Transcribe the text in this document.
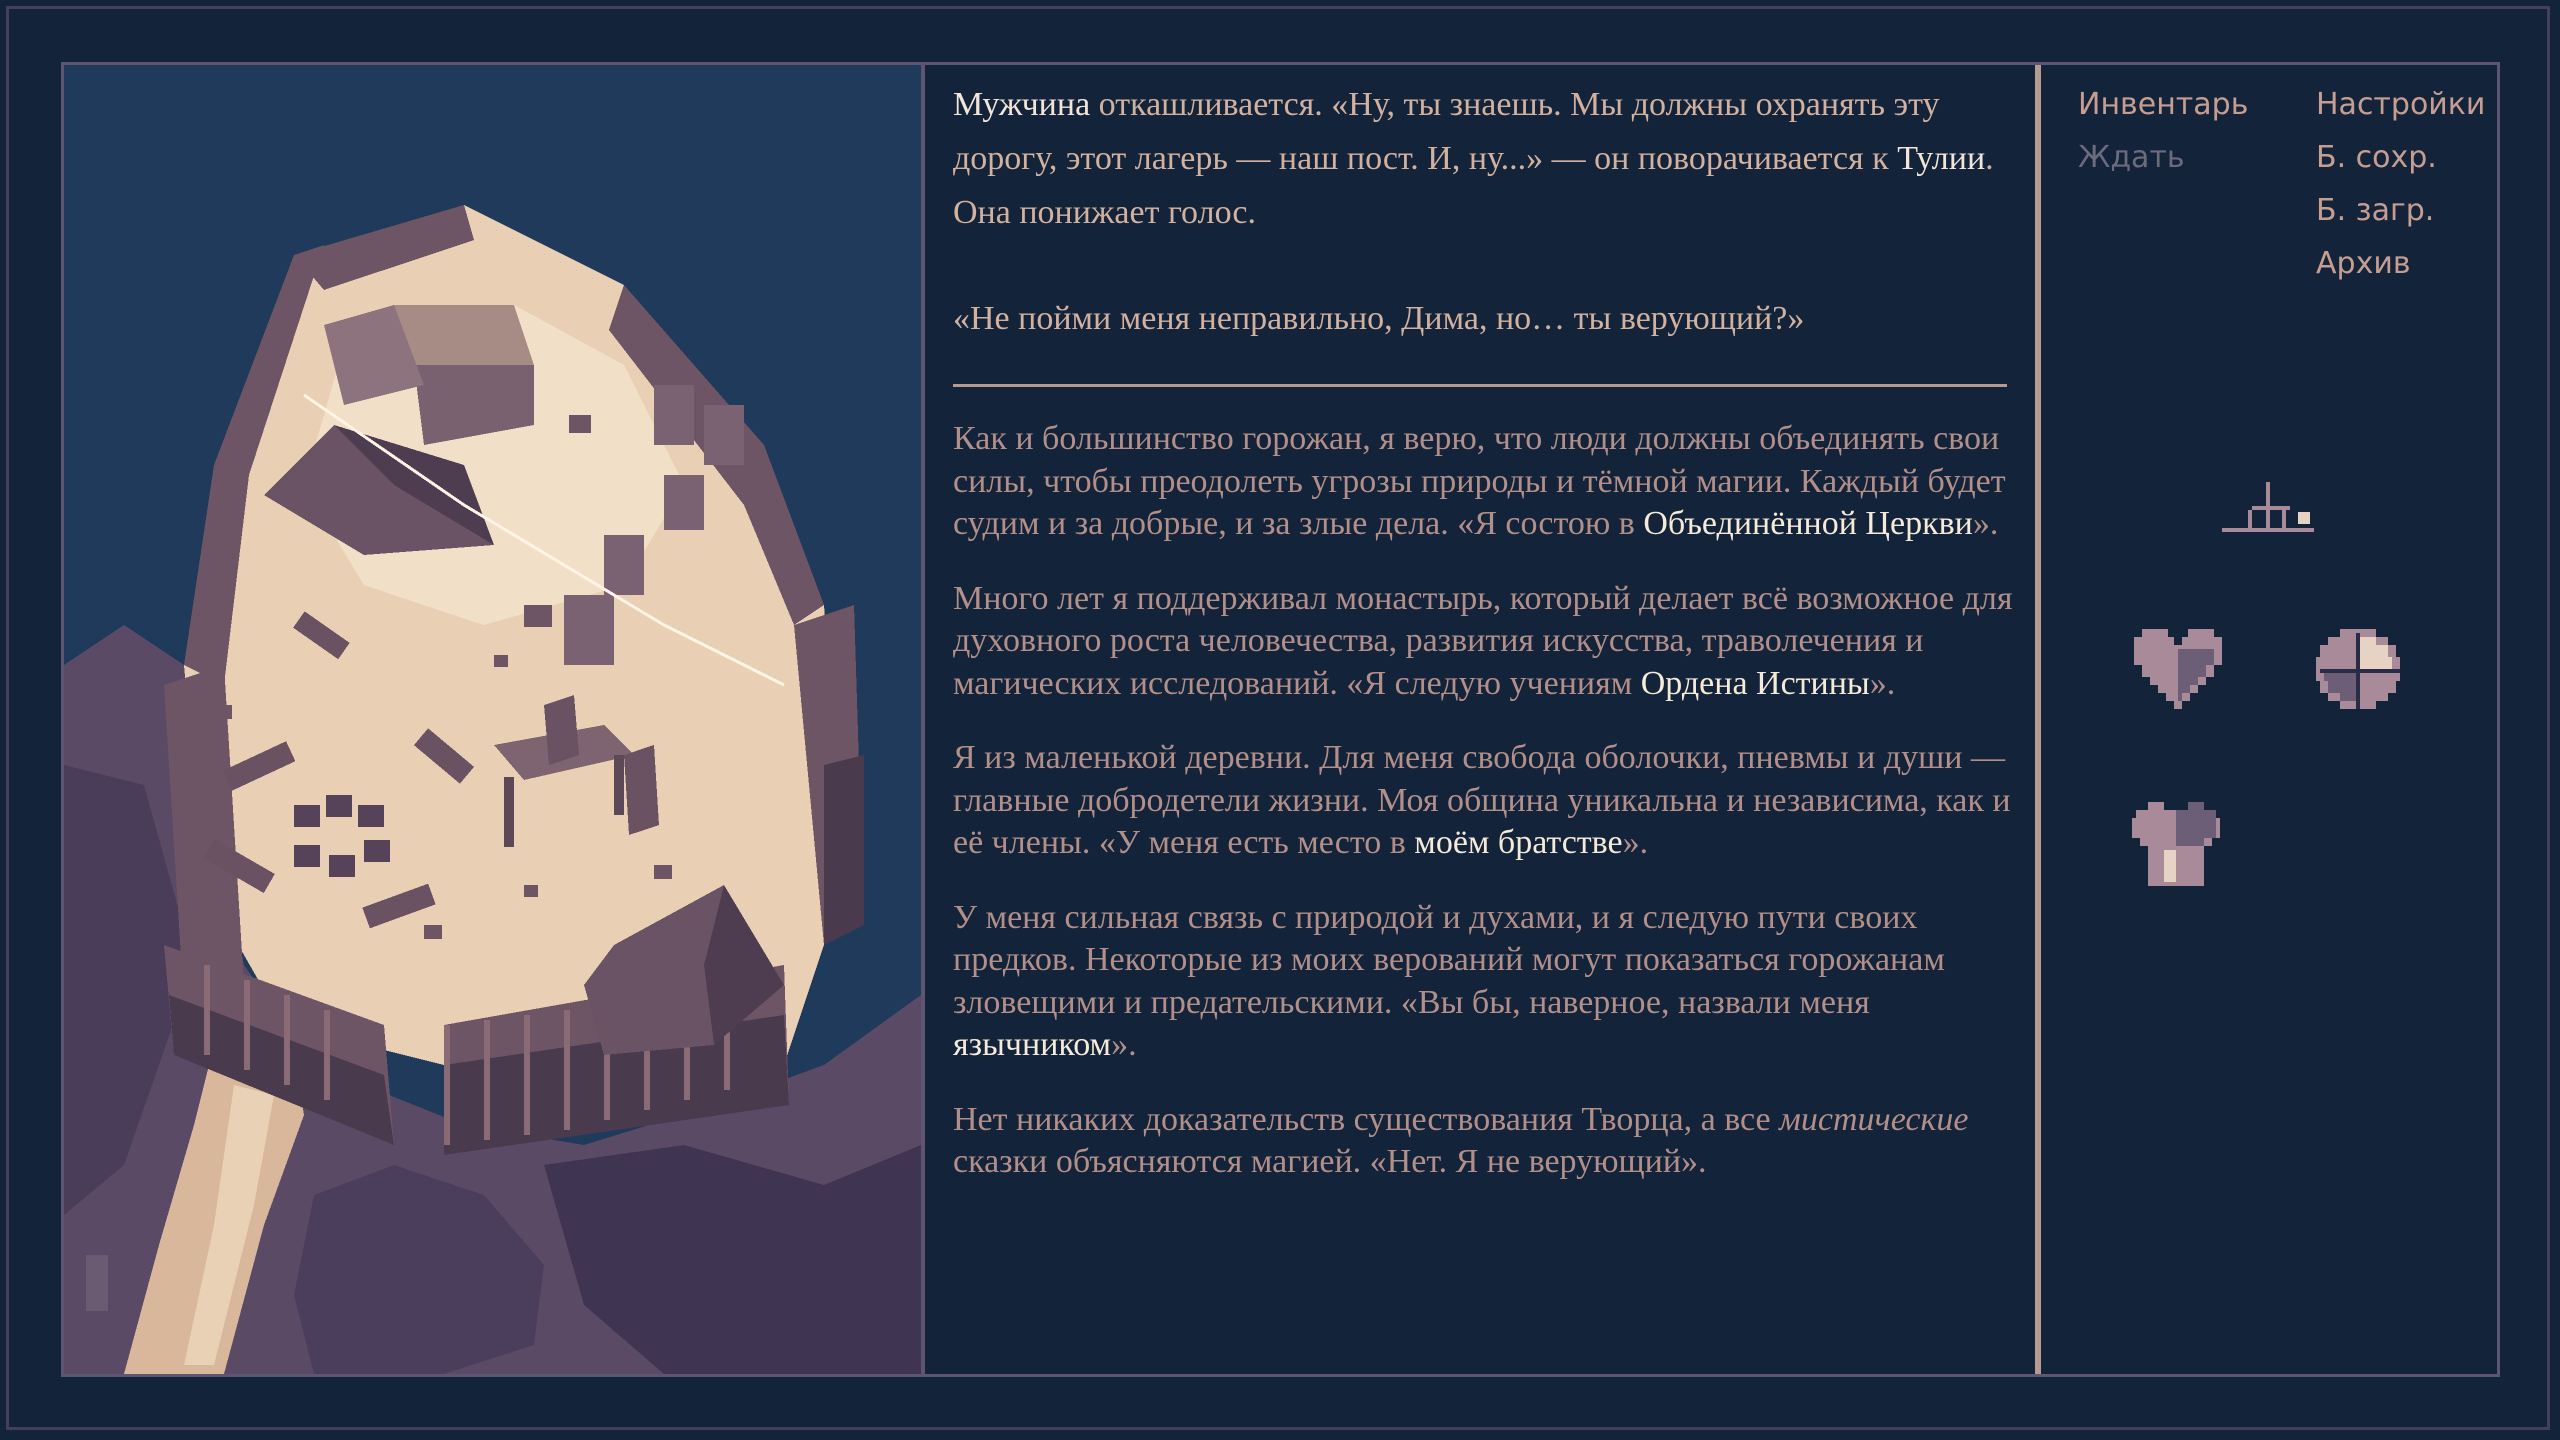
Мужчина откашливается. «Ну, ты знаешь. Мы должны охранять эту дорогу, этот лагерь — наш пост. И, ну...» — он поворачивается к Тулии. Она понижает голос.

«Не пойми меня неправильно, Дима, но… ты верующий?»

Как и большинство горожан, я верю, что люди должны объединять свои силы, чтобы преодолеть угрозы природы и тёмной магии. Каждый будет судим и за добрые, и за злые дела. «Я состою в Объединённой Церкви».
Много лет я поддерживал монастырь, который делает всё возможное для духовного роста человечества, развития искусства, траволечения и магических исследований. «Я следую учениям Ордена Истины».
Я из маленькой деревни. Для меня свобода оболочки, пневмы и души — главные добродетели жизни. Моя община уникальна и независима, как и её члены. «У меня есть место в моём братстве».
У меня сильная связь с природой и духами, и я следую пути своих предков. Некоторые из моих верований могут показаться горожанам зловещими и предательскими. «Вы бы, наверное, назвали меня язычником».
Нет никаких доказательств существования Творца, а все мистические сказки объясняются магией. «Нет. Я не верующий».
Инвентарь
Ждать
Настройки
Б. сохр.
Б. загр.
Архив
